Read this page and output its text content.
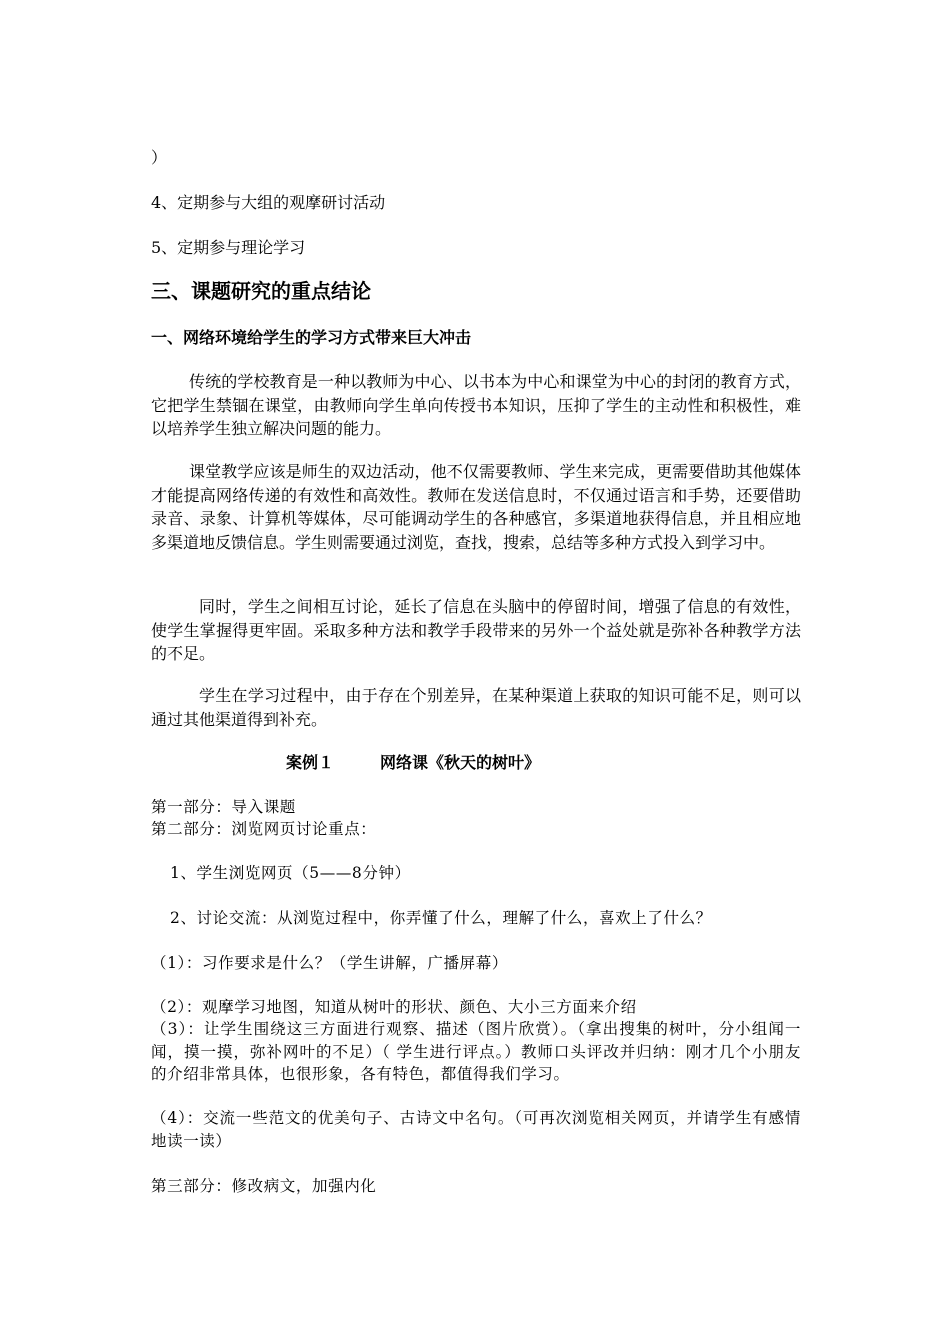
）
4、定期参与大组的观摩研讨活动
5、定期参与理论学习
三、课题研究的重点结论
一、网络环境给学生的学习方式带来巨大冲击
传统的学校教育是一种以教师为中心、以书本为中心和课堂为中心的封闭的教育方式，它把学生禁锢在课堂，由教师向学生单向传授书本知识，压抑了学生的主动性和积极性，难以培养学生独立解决问题的能力。
课堂教学应该是师生的双边活动，他不仅需要教师、学生来完成，更需要借助其他媒体才能提高网络传递的有效性和高效性。教师在发送信息时，不仅通过语言和手势，还要借助录音、录象、计算机等媒体，尽可能调动学生的各种感官，多渠道地获得信息，并且相应地多渠道地反馈信息。学生则需要通过浏览，查找，搜索，总结等多种方式投入到学习中。
同时，学生之间相互讨论，延长了信息在头脑中的停留时间，增强了信息的有效性，使学生掌握得更牢固。采取多种方法和教学手段带来的另外一个益处就是弥补各种教学方法的不足。
学生在学习过程中，由于存在个别差异，在某种渠道上获取的知识可能不足，则可以通过其他渠道得到补充。
案例１	网络课《秋天的树叶》
第一部分：导入课题
第二部分：浏览网页讨论重点：
1、学生浏览网页（5——8分钟）
2、讨论交流：从浏览过程中，你弄懂了什么，理解了什么，喜欢上了什么？
（1）：习作要求是什么？（学生讲解，广播屏幕）
（2）：观摩学习地图，知道从树叶的形状、颜色、大小三方面来介绍
（3）：让学生围绕这三方面进行观察、描述（图片欣赏）。（拿出搜集的树叶，分小组闻一闻，摸一摸，弥补网叶的不足）（ 学生进行评点。）教师口头评改并归纳：刚才几个小朋友的介绍非常具体，也很形象，各有特色，都值得我们学习。
（4）：交流一些范文的优美句子、古诗文中名句。（可再次浏览相关网页，并请学生有感情地读一读）
第三部分：修改病文，加强内化
